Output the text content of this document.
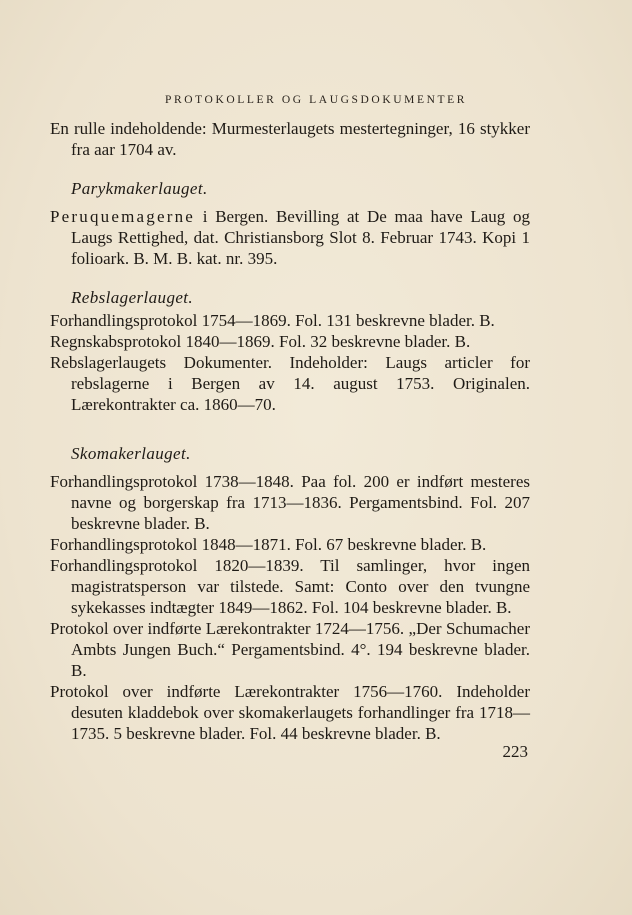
PROTOKOLLER OG LAUGSDOKUMENTER

En rulle indeholdende: Murmesterlaugets mestertegninger, 16 stykker fra aar 1704 av.

Parykmakerlauget.

Peruquemagerne i Bergen. Bevilling at De maa have Laug og Laugs Rettighed, dat. Christiansborg Slot 8. Februar 1743. Kopi 1 folioark. B. M. B. kat. nr. 395.

Rebslagerlauget.

Forhandlingsprotokol 1754—1869. Fol. 131 beskrevne blader. B.

Regnskabsprotokol 1840—1869. Fol. 32 beskrevne blader. B.

Rebslagerlaugets Dokumenter. Indeholder: Laugs articler for rebslagerne i Bergen av 14. august 1753. Originalen. Lærekontrakter ca. 1860—70.

Skomakerlauget.

Forhandlingsprotokol 1738—1848. Paa fol. 200 er indført mesteres navne og borgerskap fra 1713—1836. Pergamentsbind. Fol. 207 beskrevne blader. B.

Forhandlingsprotokol 1848—1871. Fol. 67 beskrevne blader. B.

Forhandlingsprotokol 1820—1839. Til samlinger, hvor ingen magistratsperson var tilstede. Samt: Conto over den tvungne sykekasses indtægter 1849—1862. Fol. 104 beskrevne blader. B.

Protokol over indførte Lærekontrakter 1724—1756. „Der Schumacher Ambts Jungen Buch.“ Pergamentsbind. 4°. 194 beskrevne blader. B.

Protokol over indførte Lærekontrakter 1756—1760. Indeholder desuten kladdebok over skomakerlaugets forhandlinger fra 1718—1735. 5 beskrevne blader. Fol. 44 beskrevne blader. B.

223
